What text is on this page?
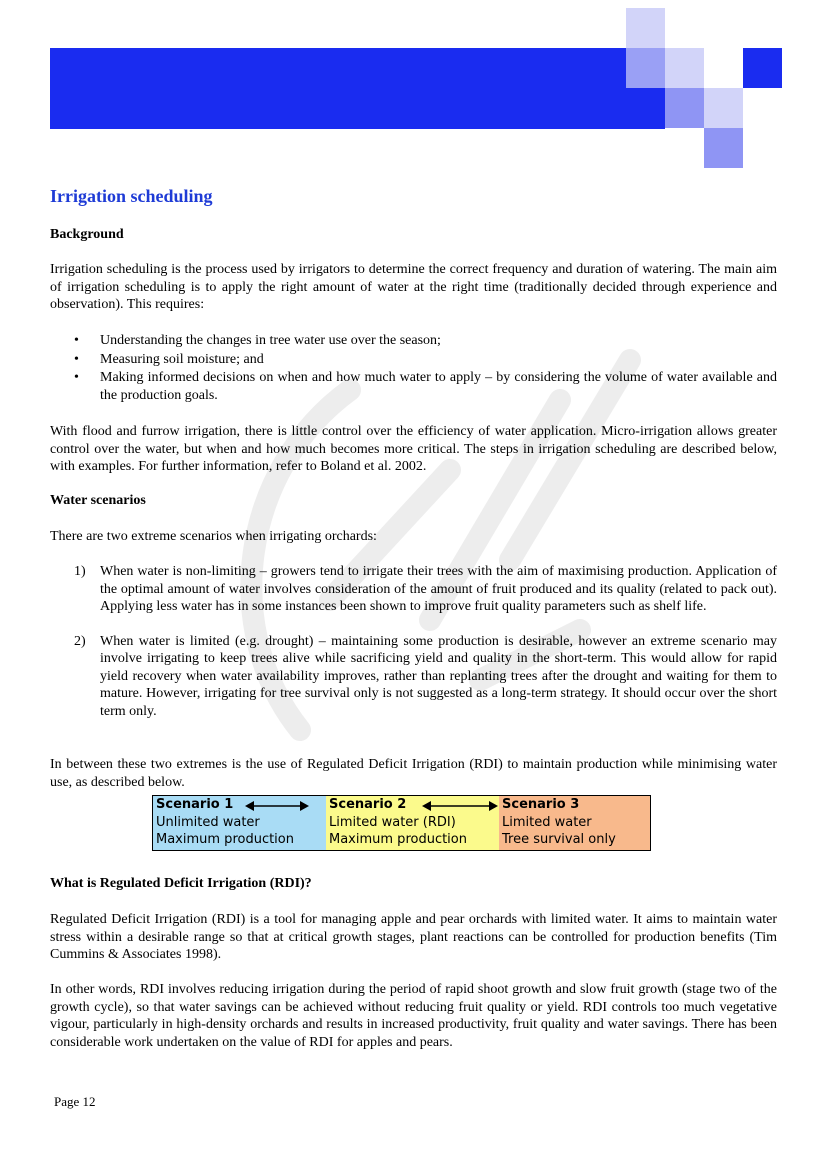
Irrigation scheduling
Background

Irrigation scheduling is the process used by irrigators to determine the correct frequency and duration of watering. The main aim of irrigation scheduling is to apply the right amount of water at the right time (traditionally decided through experience and observation). This requires:

• Understanding the changes in tree water use over the season;
• Measuring soil moisture; and
• Making informed decisions on when and how much water to apply – by considering the volume of water available and the production goals.

With flood and furrow irrigation, there is little control over the efficiency of water application. Micro-irrigation allows greater control over the water, but when and how much becomes more critical. The steps in irrigation scheduling are described below, with examples. For further information, refer to Boland et al. 2002.

Water scenarios

There are two extreme scenarios when irrigating orchards:

1) When water is non-limiting – growers tend to irrigate their trees with the aim of maximising production. Application of the optimal amount of water involves consideration of the amount of fruit produced and its quality (related to pack out). Applying less water has in some instances been shown to improve fruit quality parameters such as shelf life.
2) When water is limited (e.g. drought) – maintaining some production is desirable, however an extreme scenario may involve irrigating to keep trees alive while sacrificing yield and quality in the short-term. This would allow for rapid yield recovery when water availability improves, rather than replanting trees after the drought and waiting for them to mature. However, irrigating for tree survival only is not suggested as a long-term strategy. It should occur over the short term only.

In between these two extremes is the use of Regulated Deficit Irrigation (RDI) to maintain production while minimising water use, as described below.

What is Regulated Deficit Irrigation (RDI)?

Regulated Deficit Irrigation (RDI) is a tool for managing apple and pear orchards with limited water. It aims to maintain water stress within a desirable range so that at critical growth stages, plant reactions can be controlled for production benefits (Tim Cummins & Associates 1998).

In other words, RDI involves reducing irrigation during the period of rapid shoot growth and slow fruit growth (stage two of the growth cycle), so that water savings can be achieved without reducing fruit quality or yield. RDI controls too much vegetative vigour, particularly in high-density orchards and results in increased productivity, fruit quality and water savings. There has been considerable work undertaken on the value of RDI for apples and pears.

Scenario 1
Unlimited water
Maximum production
Scenario 2
Limited water (RDI)
Maximum production
Scenario 3
Limited water
Tree survival only
Page 12
